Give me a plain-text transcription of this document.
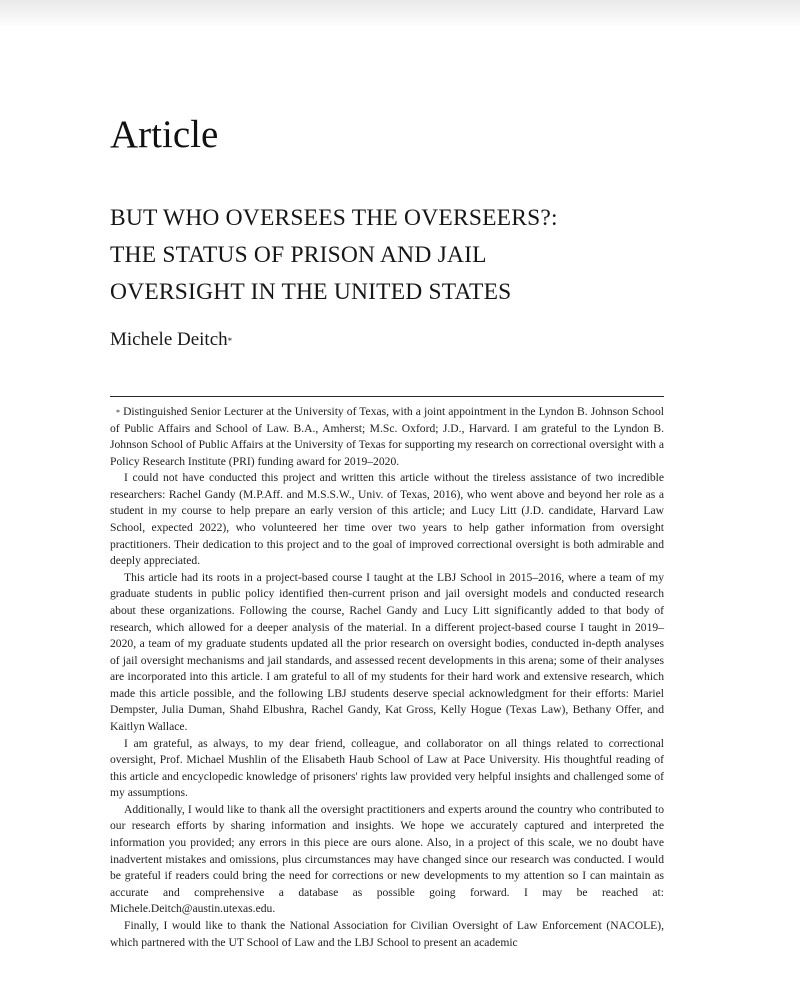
Article
BUT WHO OVERSEES THE OVERSEERS?:
THE STATUS OF PRISON AND JAIL
OVERSIGHT IN THE UNITED STATES
Michele Deitch*

* Distinguished Senior Lecturer at the University of Texas, with a joint appointment in the Lyndon B. Johnson School of Public Affairs and School of Law. B.A., Amherst; M.Sc. Oxford; J.D., Harvard. I am grateful to the Lyndon B. Johnson School of Public Affairs at the University of Texas for supporting my research on correctional oversight with a Policy Research Institute (PRI) funding award for 2019–2020.

I could not have conducted this project and written this article without the tireless assistance of two incredible researchers: Rachel Gandy (M.P.Aff. and M.S.S.W., Univ. of Texas, 2016), who went above and beyond her role as a student in my course to help prepare an early version of this article; and Lucy Litt (J.D. candidate, Harvard Law School, expected 2022), who volunteered her time over two years to help gather information from oversight practitioners. Their dedication to this project and to the goal of improved correctional oversight is both admirable and deeply appreciated.

This article had its roots in a project-based course I taught at the LBJ School in 2015–2016, where a team of my graduate students in public policy identified then-current prison and jail oversight models and conducted research about these organizations. Following the course, Rachel Gandy and Lucy Litt significantly added to that body of research, which allowed for a deeper analysis of the material. In a different project-based course I taught in 2019–2020, a team of my graduate students updated all the prior research on oversight bodies, conducted in-depth analyses of jail oversight mechanisms and jail standards, and assessed recent developments in this arena; some of their analyses are incorporated into this article. I am grateful to all of my students for their hard work and extensive research, which made this article possible, and the following LBJ students deserve special acknowledgment for their efforts: Mariel Dempster, Julia Duman, Shahd Elbushra, Rachel Gandy, Kat Gross, Kelly Hogue (Texas Law), Bethany Offer, and Kaitlyn Wallace.

I am grateful, as always, to my dear friend, colleague, and collaborator on all things related to correctional oversight, Prof. Michael Mushlin of the Elisabeth Haub School of Law at Pace University. His thoughtful reading of this article and encyclopedic knowledge of prisoners' rights law provided very helpful insights and challenged some of my assumptions.

Additionally, I would like to thank all the oversight practitioners and experts around the country who contributed to our research efforts by sharing information and insights. We hope we accurately captured and interpreted the information you provided; any errors in this piece are ours alone. Also, in a project of this scale, we no doubt have inadvertent mistakes and omissions, plus circumstances may have changed since our research was conducted. I would be grateful if readers could bring the need for corrections or new developments to my attention so I can maintain as accurate and comprehensive a database as possible going forward. I may be reached at: Michele.Deitch@austin.utexas.edu.

Finally, I would like to thank the National Association for Civilian Oversight of Law Enforcement (NACOLE), which partnered with the UT School of Law and the LBJ School to present an academic
